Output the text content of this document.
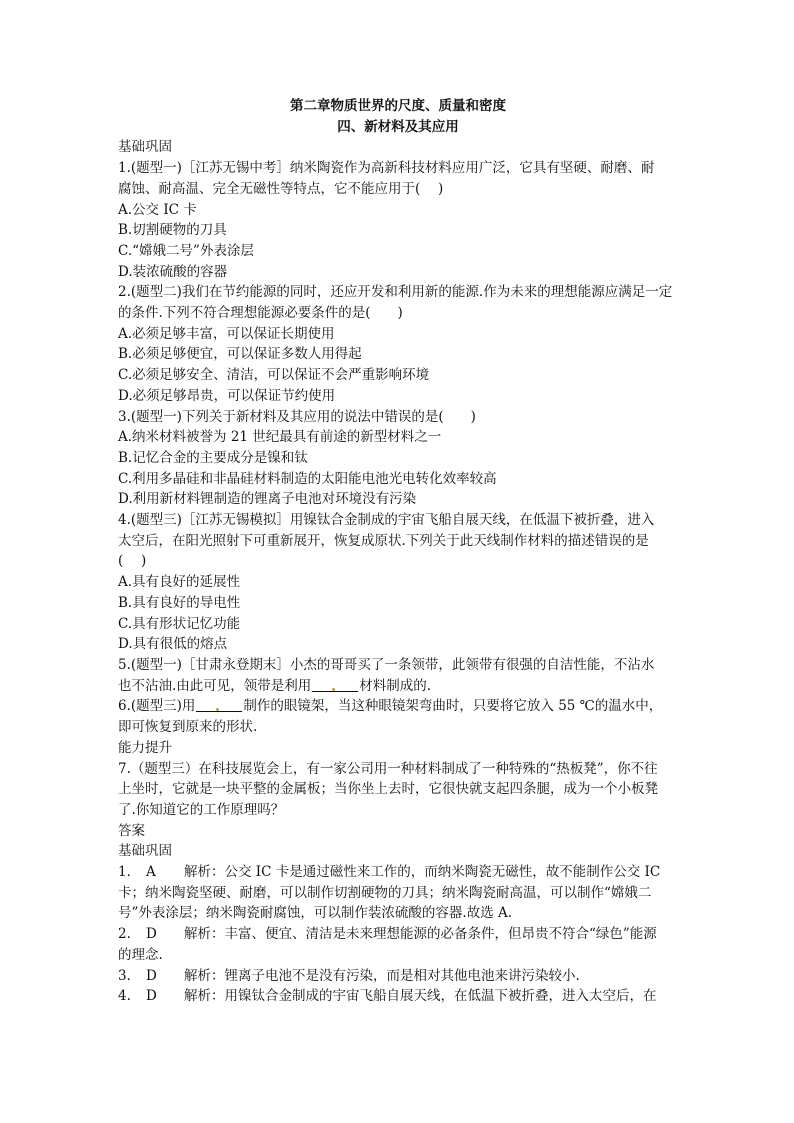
第二章物质世界的尺度、质量和密度
四、新材料及其应用
基础巩固
1.(题型一)［江苏无锡中考］纳米陶瓷作为高新科技材料应用广泛，它具有坚硬、耐磨、耐
腐蚀、耐高温、完全无磁性等特点，它不能应用于(　 )
A.公交 IC 卡
B.切割硬物的刀具
C.“嫦娥二号”外表涂层
D.装浓硫酸的容器
2.(题型二)我们在节约能源的同时，还应开发和利用新的能源.作为未来的理想能源应满足一定
的条件.下列不符合理想能源必要条件的是(　　)
A.必须足够丰富，可以保证长期使用
B.必须足够便宜，可以保证多数人用得起
C.必须足够安全、清洁，可以保证不会严重影响环境
D.必须足够昂贵，可以保证节约使用
3.(题型一)下列关于新材料及其应用的说法中错误的是(　　)
A.纳米材料被誉为 21 世纪最具有前途的新型材料之一
B.记忆合金的主要成分是镍和钛
C.利用多晶硅和非晶硅材料制造的太阳能电池光电转化效率较高
D.利用新材料锂制造的锂离子电池对环境没有污染
4.(题型三)［江苏无锡模拟］用镍钛合金制成的宇宙飞船自展天线，在低温下被折叠，进入
太空后，在阳光照射下可重新展开，恢复成原状.下列关于此天线制作材料的描述错误的是
(　 )
A.具有良好的延展性
B.具有良好的导电性
C.具有形状记忆功能
D.具有很低的熔点
5.(题型一)［甘肃永登期末］小杰的哥哥买了一条领带，此领带有很强的自洁性能，不沾水
也不沾油.由此可见，领带是利用	材料制成的.
6.(题型三)用	制作的眼镜架，当这种眼镜架弯曲时，只要将它放入 55 ℃的温水中，
即可恢复到原来的形状.
能力提升
7.（题型三）在科技展览会上，有一家公司用一种材料制成了一种特殊的“热板凳”，你不往
上坐时，它就是一块平整的金属板；当你坐上去时，它很快就支起四条腿，成为一个小板凳
了.你知道它的工作原理吗？
答案
基础巩固
1. A 解析：公交 IC 卡是通过磁性来工作的，而纳米陶瓷无磁性，故不能制作公交 IC
卡；纳米陶瓷坚硬、耐磨，可以制作切割硬物的刀具；纳米陶瓷耐高温，可以制作“嫦娥二
号”外表涂层；纳米陶瓷耐腐蚀，可以制作装浓硫酸的容器.故选 A.
2. D 解析：丰富、便宜、清洁是未来理想能源的必备条件，但昂贵不符合“绿色”能源
的理念.
3. D 解析：锂离子电池不是没有污染，而是相对其他电池来讲污染较小.
4. D 解析：用镍钛合金制成的宇宙飞船自展天线，在低温下被折叠，进入太空后，在
